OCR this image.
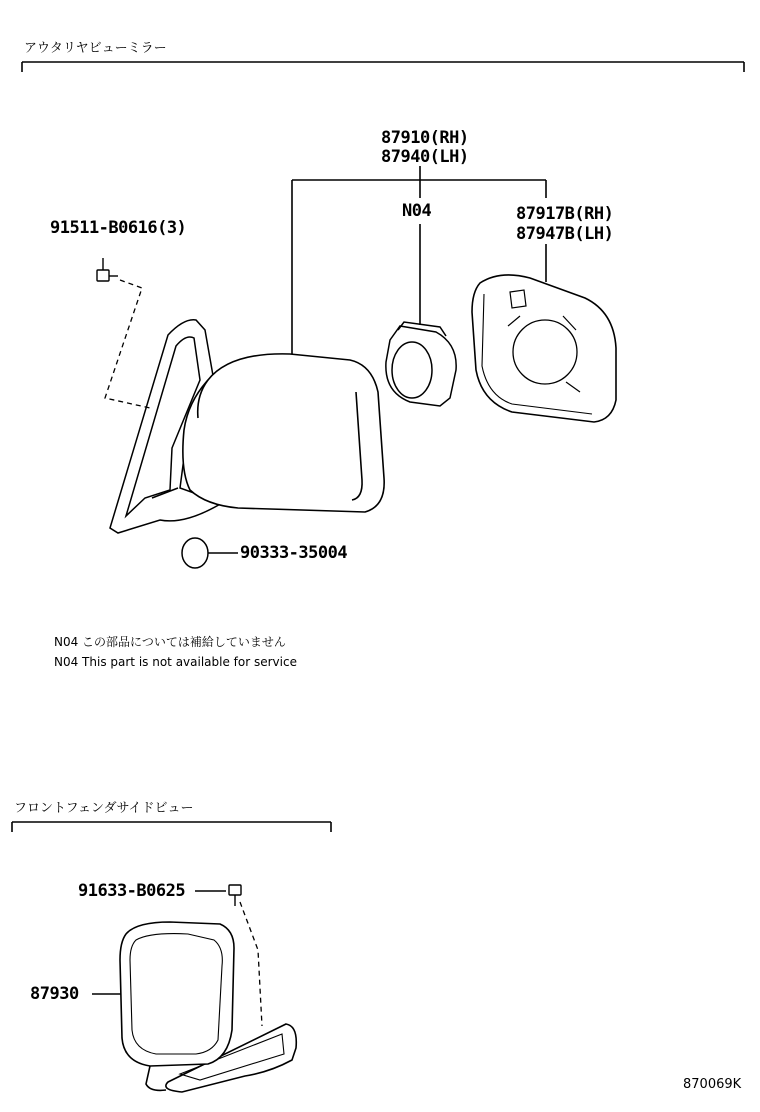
アウタリヤビューミラー
フロントフェンダサイドビュー
87910(RH)
87940(LH)
91511-B0616(3)
N04	87917B(RH)
87947B(LH)
90333-35004
91633-B0625
87930
N04 この部品については補給していません
N04 This part is not available for service
870069K
